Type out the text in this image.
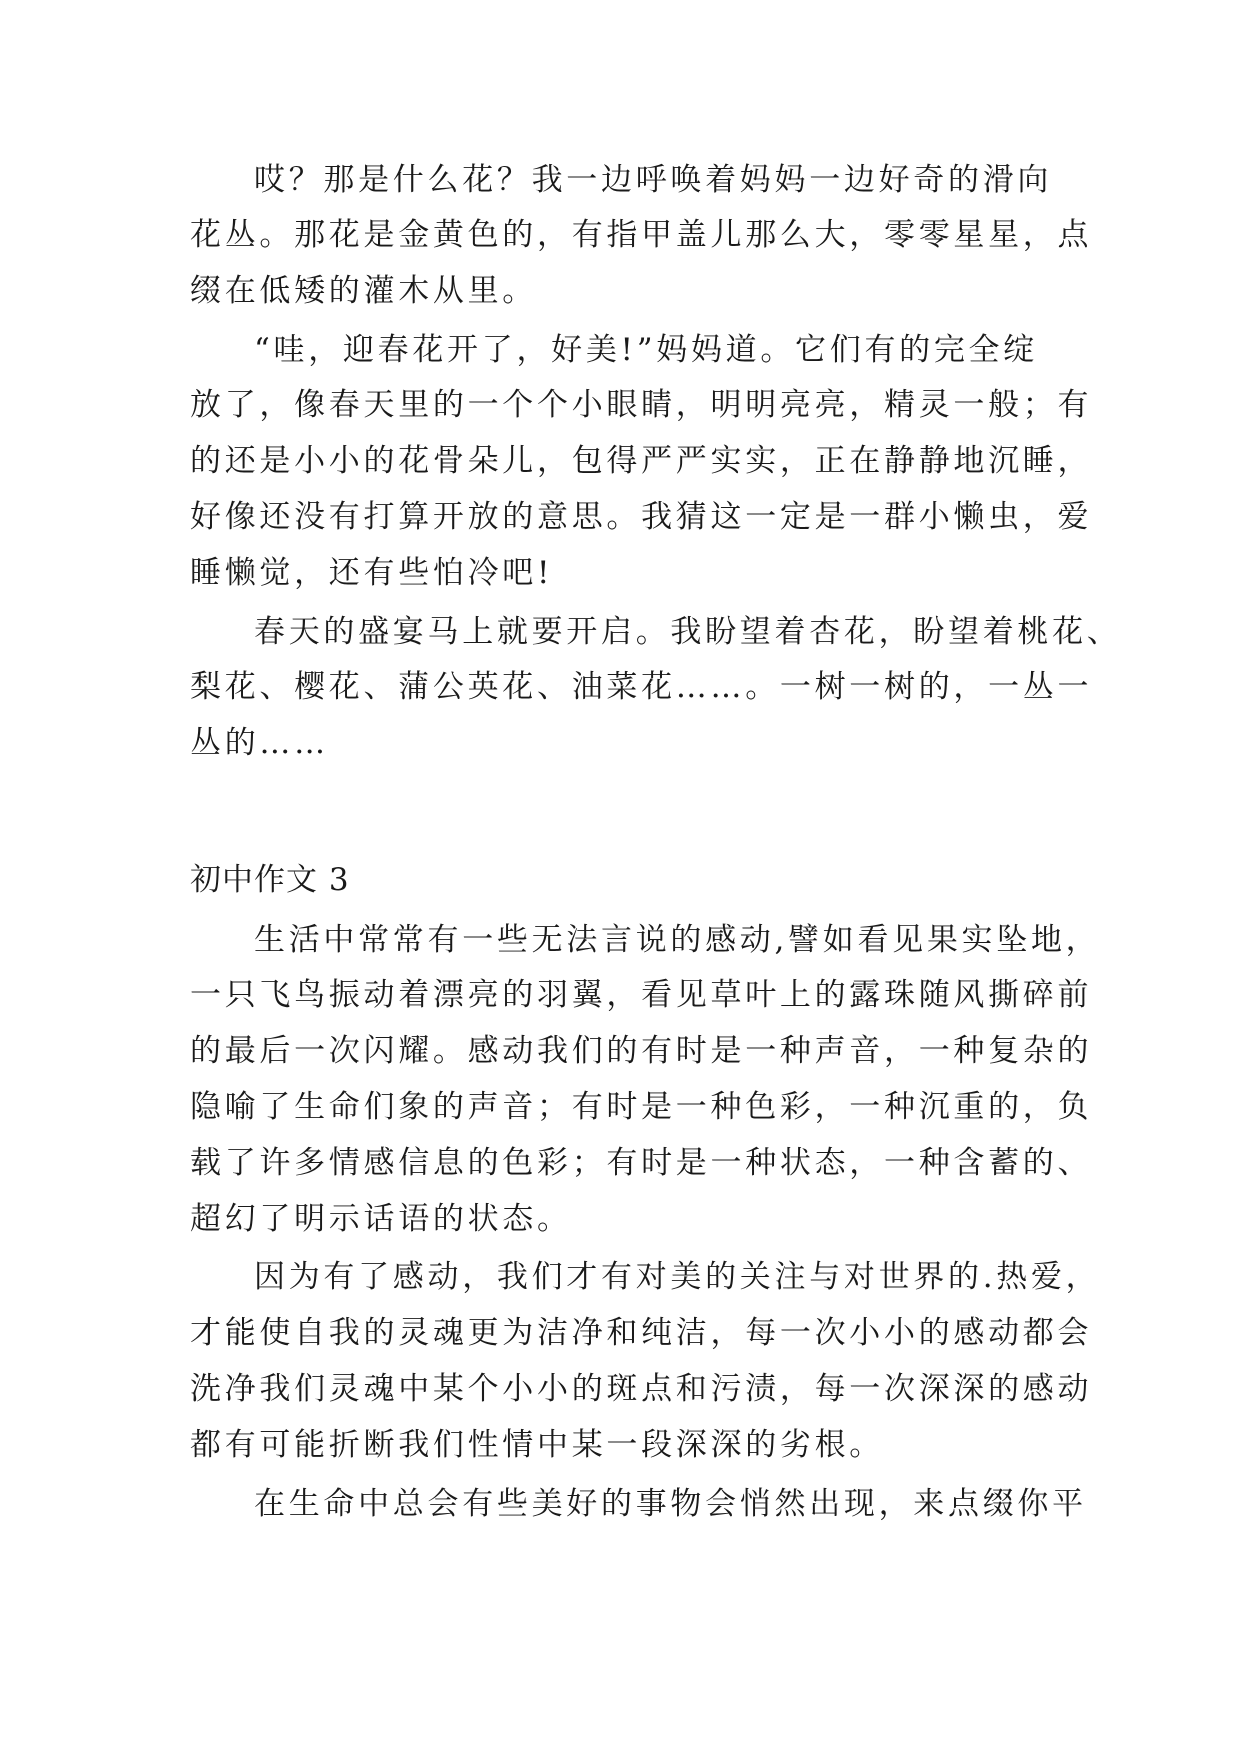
哎？那是什么花？我一边呼唤着妈妈一边好奇的滑向
花丛。那花是金黄色的，有指甲盖儿那么大，零零星星，点
缀在低矮的灌木从里。
“哇，迎春花开了，好美!”妈妈道。它们有的完全绽
放了，像春天里的一个个小眼睛，明明亮亮，精灵一般；有
的还是小小的花骨朵儿，包得严严实实，正在静静地沉睡，
好像还没有打算开放的意思。我猜这一定是一群小懒虫，爱
睡懒觉，还有些怕冷吧!
春天的盛宴马上就要开启。我盼望着杏花，盼望着桃花、
梨花、樱花、蒲公英花、油菜花……。一树一树的，一丛一
丛的……
初中作文 3
生活中常常有一些无法言说的感动,譬如看见果实坠地，
一只飞鸟振动着漂亮的羽翼，看见草叶上的露珠随风撕碎前
的最后一次闪耀。感动我们的有时是一种声音，一种复杂的
隐喻了生命们象的声音；有时是一种色彩，一种沉重的，负
载了许多情感信息的色彩；有时是一种状态，一种含蓄的、
超幻了明示话语的状态。
因为有了感动，我们才有对美的关注与对世界的.热爱，
才能使自我的灵魂更为洁净和纯洁，每一次小小的感动都会
洗净我们灵魂中某个小小的斑点和污渍，每一次深深的感动
都有可能折断我们性情中某一段深深的劣根。
在生命中总会有些美好的事物会悄然出现，来点缀你平
